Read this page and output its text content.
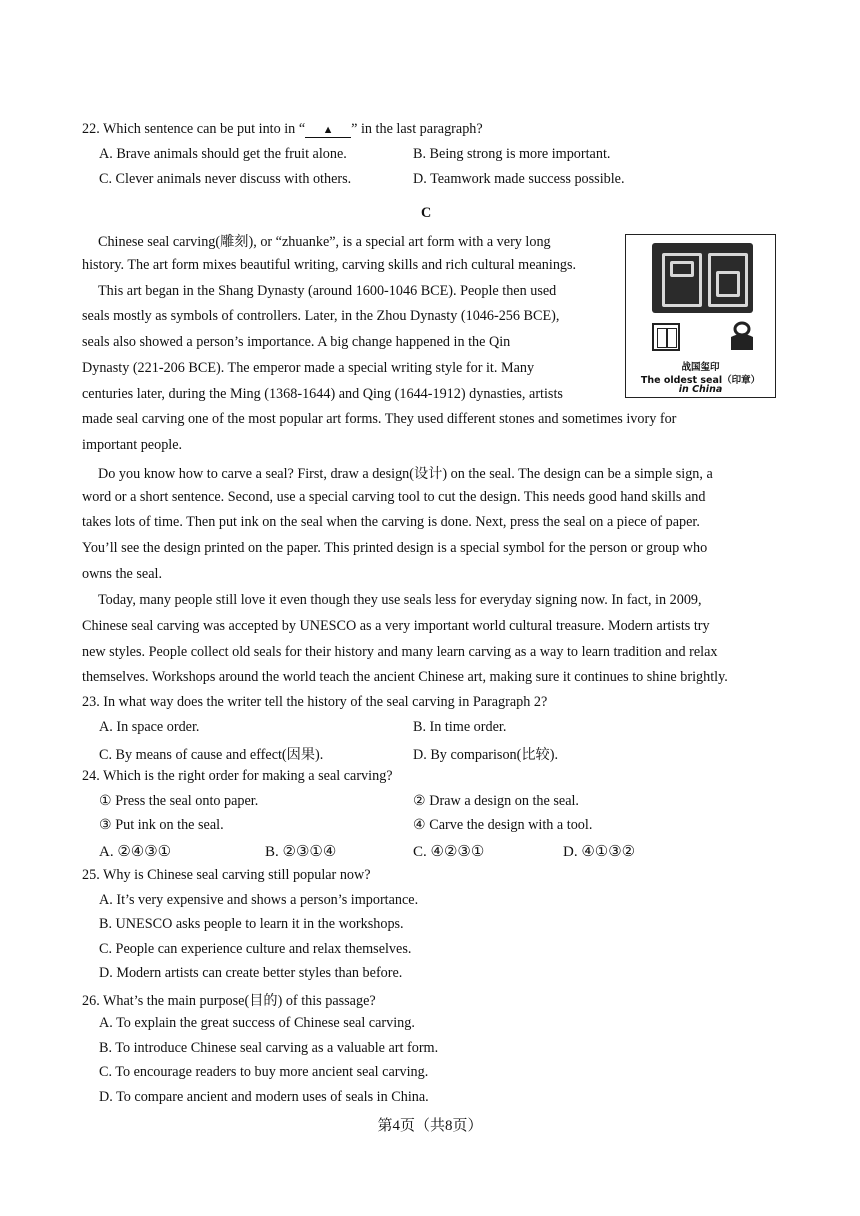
22. Which sentence can be put into in “ ▲ ” in the last paragraph?
A. Brave animals should get the fruit alone.	B. Being strong is more important.
C. Clever animals never discuss with others.	D. Teamwork made success possible.
C
Chinese seal carving(雕刻), or “zhuanke”, is a special art form with a very long
history. The art form mixes beautiful writing, carving skills and rich cultural meanings.
This art began in the Shang Dynasty (around 1600-1046 BCE). People then used
seals mostly as symbols of controllers. Later, in the Zhou Dynasty (1046-256 BCE),
seals also showed a person’s importance. A big change happened in the Qin
Dynasty (221-206 BCE). The emperor made a special writing style for it. Many
centuries later, during the Ming (1368-1644) and Qing (1644-1912) dynasties, artists
made seal carving one of the most popular art forms. They used different stones and sometimes ivory for
important people.
Do you know how to carve a seal? First, draw a design(设计) on the seal. The design can be a simple sign, a
word or a short sentence. Second, use a special carving tool to cut the design. This needs good hand skills and
takes lots of time. Then put ink on the seal when the carving is done. Next, press the seal on a piece of paper.
You’ll see the design printed on the paper. This printed design is a special symbol for the person or group who
owns the seal.
Today, many people still love it even though they use seals less for everyday signing now. In fact, in 2009,
Chinese seal carving was accepted by UNESCO as a very important world cultural treasure. Modern artists try
new styles. People collect old seals for their history and many learn carving as a way to learn tradition and relax
themselves. Workshops around the world teach the ancient Chinese art, making sure it continues to shine brightly.
战国玺印
The oldest seal（印章）
in China
23. In what way does the writer tell the history of the seal carving in Paragraph 2?
A. In space order.	B. In time order.
C. By means of cause and effect(因果).	D. By comparison(比较).
24. Which is the right order for making a seal carving?
① Press the seal onto paper.	② Draw a design on the seal.
③ Put ink on the seal.	④ Carve the design with a tool.
A. ②④③①	B. ②③①④	C. ④②③①	D. ④①③②
25. Why is Chinese seal carving still popular now?
A. It’s very expensive and shows a person’s importance.
B. UNESCO asks people to learn it in the workshops.
C. People can experience culture and relax themselves.
D. Modern artists can create better styles than before.
26. What’s the main purpose(目的) of this passage?
A. To explain the great success of Chinese seal carving.
B. To introduce Chinese seal carving as a valuable art form.
C. To encourage readers to buy more ancient seal carving.
D. To compare ancient and modern uses of seals in China.
第4页（共8页）
